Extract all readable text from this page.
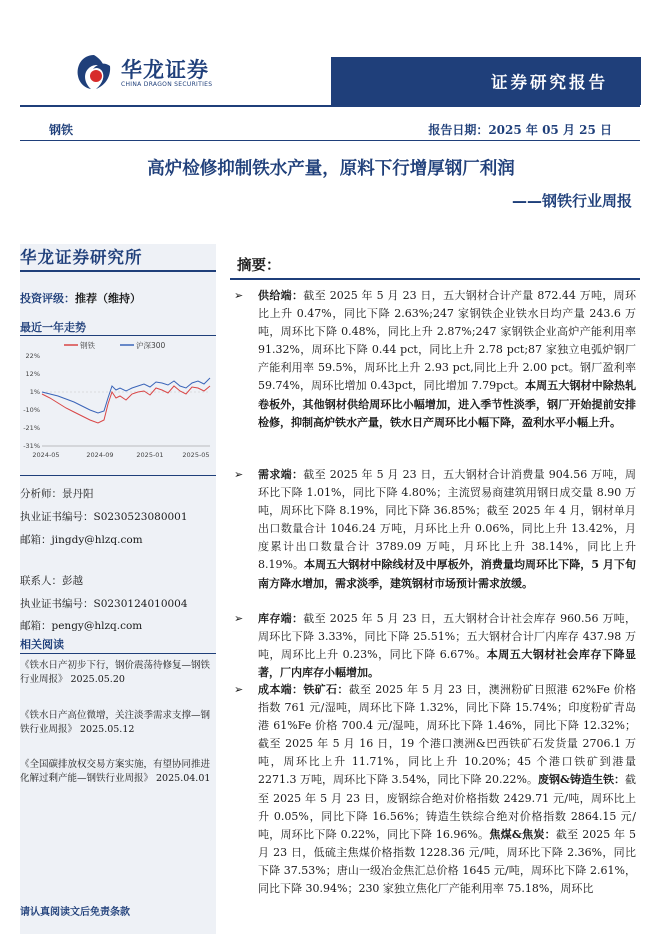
华龙证券
CHINA DRAGON SECURITIES	证券研究报告
钢铁	报告日期：2025 年 05 月 25 日
高炉检修抑制铁水产量，原料下行增厚钢厂利润
——钢铁行业周报
华龙证券研究所
投资评级：推荐（维持）
最近一年走势
钢铁	沪深300
22%
12%
1%
-10%
-21%
-31%
2024-05	2024-09	2025-01	2025-05
分析师：景丹阳
执业证书编号：S0230523080001
邮箱：jingdy@hlzq.com
联系人：彭越
执业证书编号：S0230124010004
邮箱：pengy@hlzq.com
相关阅读
《铁水日产初步下行，钢价震荡待修复—钢铁行业周报》 2025.05.20
《铁水日产高位微增，关注淡季需求支撑—钢铁行业周报》 2025.05.12
《全国碳排放权交易方案实施，有望协同推进化解过剩产能—钢铁行业周报》 2025.04.01
请认真阅读文后免责条款
摘要：
➢	供给端：截至 2025 年 5 月 23 日，五大钢材合计产量 872.44 万吨，周环比上升 0.47%，同比下降 2.63%;247 家钢铁企业铁水日均产量 243.6 万吨，周环比下降 0.48%，同比上升 2.87%;247 家钢铁企业高炉产能利用率 91.32%，周环比下降 0.44 pct，同比上升 2.78 pct;87 家独立电弧炉钢厂产能利用率 59.5%，周环比上升 2.93 pct,同比上升 2.00 pct。钢厂盈利率 59.74%，周环比增加 0.43pct，同比增加 7.79pct。本周五大钢材中除热轧卷板外，其他钢材供给周环比小幅增加，进入季节性淡季，钢厂开始提前安排检修，抑制高炉铁水产量，铁水日产周环比小幅下降，盈利水平小幅上升。
➢	需求端：截至 2025 年 5 月 23 日，五大钢材合计消费量 904.56 万吨，周环比下降 1.01%，同比下降 4.80%；主流贸易商建筑用钢日成交量 8.90 万吨，周环比下降 8.19%，同比下降 36.85%；截至 2025 年 4 月，钢材单月出口数量合计 1046.24 万吨，月环比上升 0.06%，同比上升 13.42%，月度累计出口数量合计 3789.09 万吨，月环比上升 38.14%，同比上升 8.19%。本周五大钢材中除线材及中厚板外，消费量均周环比下降，5 月下旬南方降水增加，需求淡季，建筑钢材市场预计需求放缓。
➢	库存端：截至 2025 年 5 月 23 日，五大钢材合计社会库存 960.56 万吨，周环比下降 3.33%，同比下降 25.51%；五大钢材合计厂内库存 437.98 万吨，周环比上升 0.23%，同比下降 6.67%。本周五大钢材社会库存下降显著，厂内库存小幅增加。
➢	成本端：铁矿石：截至 2025 年 5 月 23 日，澳洲粉矿日照港 62%Fe 价格指数 761 元/湿吨，周环比下降 1.32%，同比下降 15.74%；印度粉矿青岛港 61%Fe 价格 700.4 元/湿吨，周环比下降 1.46%，同比下降 12.32%；截至 2025 年 5 月 16 日，19 个港口澳洲&巴西铁矿石发货量 2706.1 万吨，周环比上升 11.71%，同比上升 10.20%；45 个港口铁矿到港量 2271.3 万吨，周环比下降 3.54%，同比下降 20.22%。废钢&铸造生铁：截至 2025 年 5 月 23 日，废钢综合绝对价格指数 2429.71 元/吨，周环比上升 0.05%，同比下降 16.56%；铸造生铁综合绝对价格指数 2864.15 元/吨，周环比下降 0.22%，同比下降 16.96%。焦煤&焦炭：截至 2025 年 5 月 23 日，低硫主焦煤价格指数 1228.36 元/吨，周环比下降 2.36%，同比下降 37.53%；唐山一级冶金焦汇总价格 1645 元/吨，周环比下降 2.61%，同比下降 30.94%；230 家独立焦化厂产能利用率 75.18%，周环比
